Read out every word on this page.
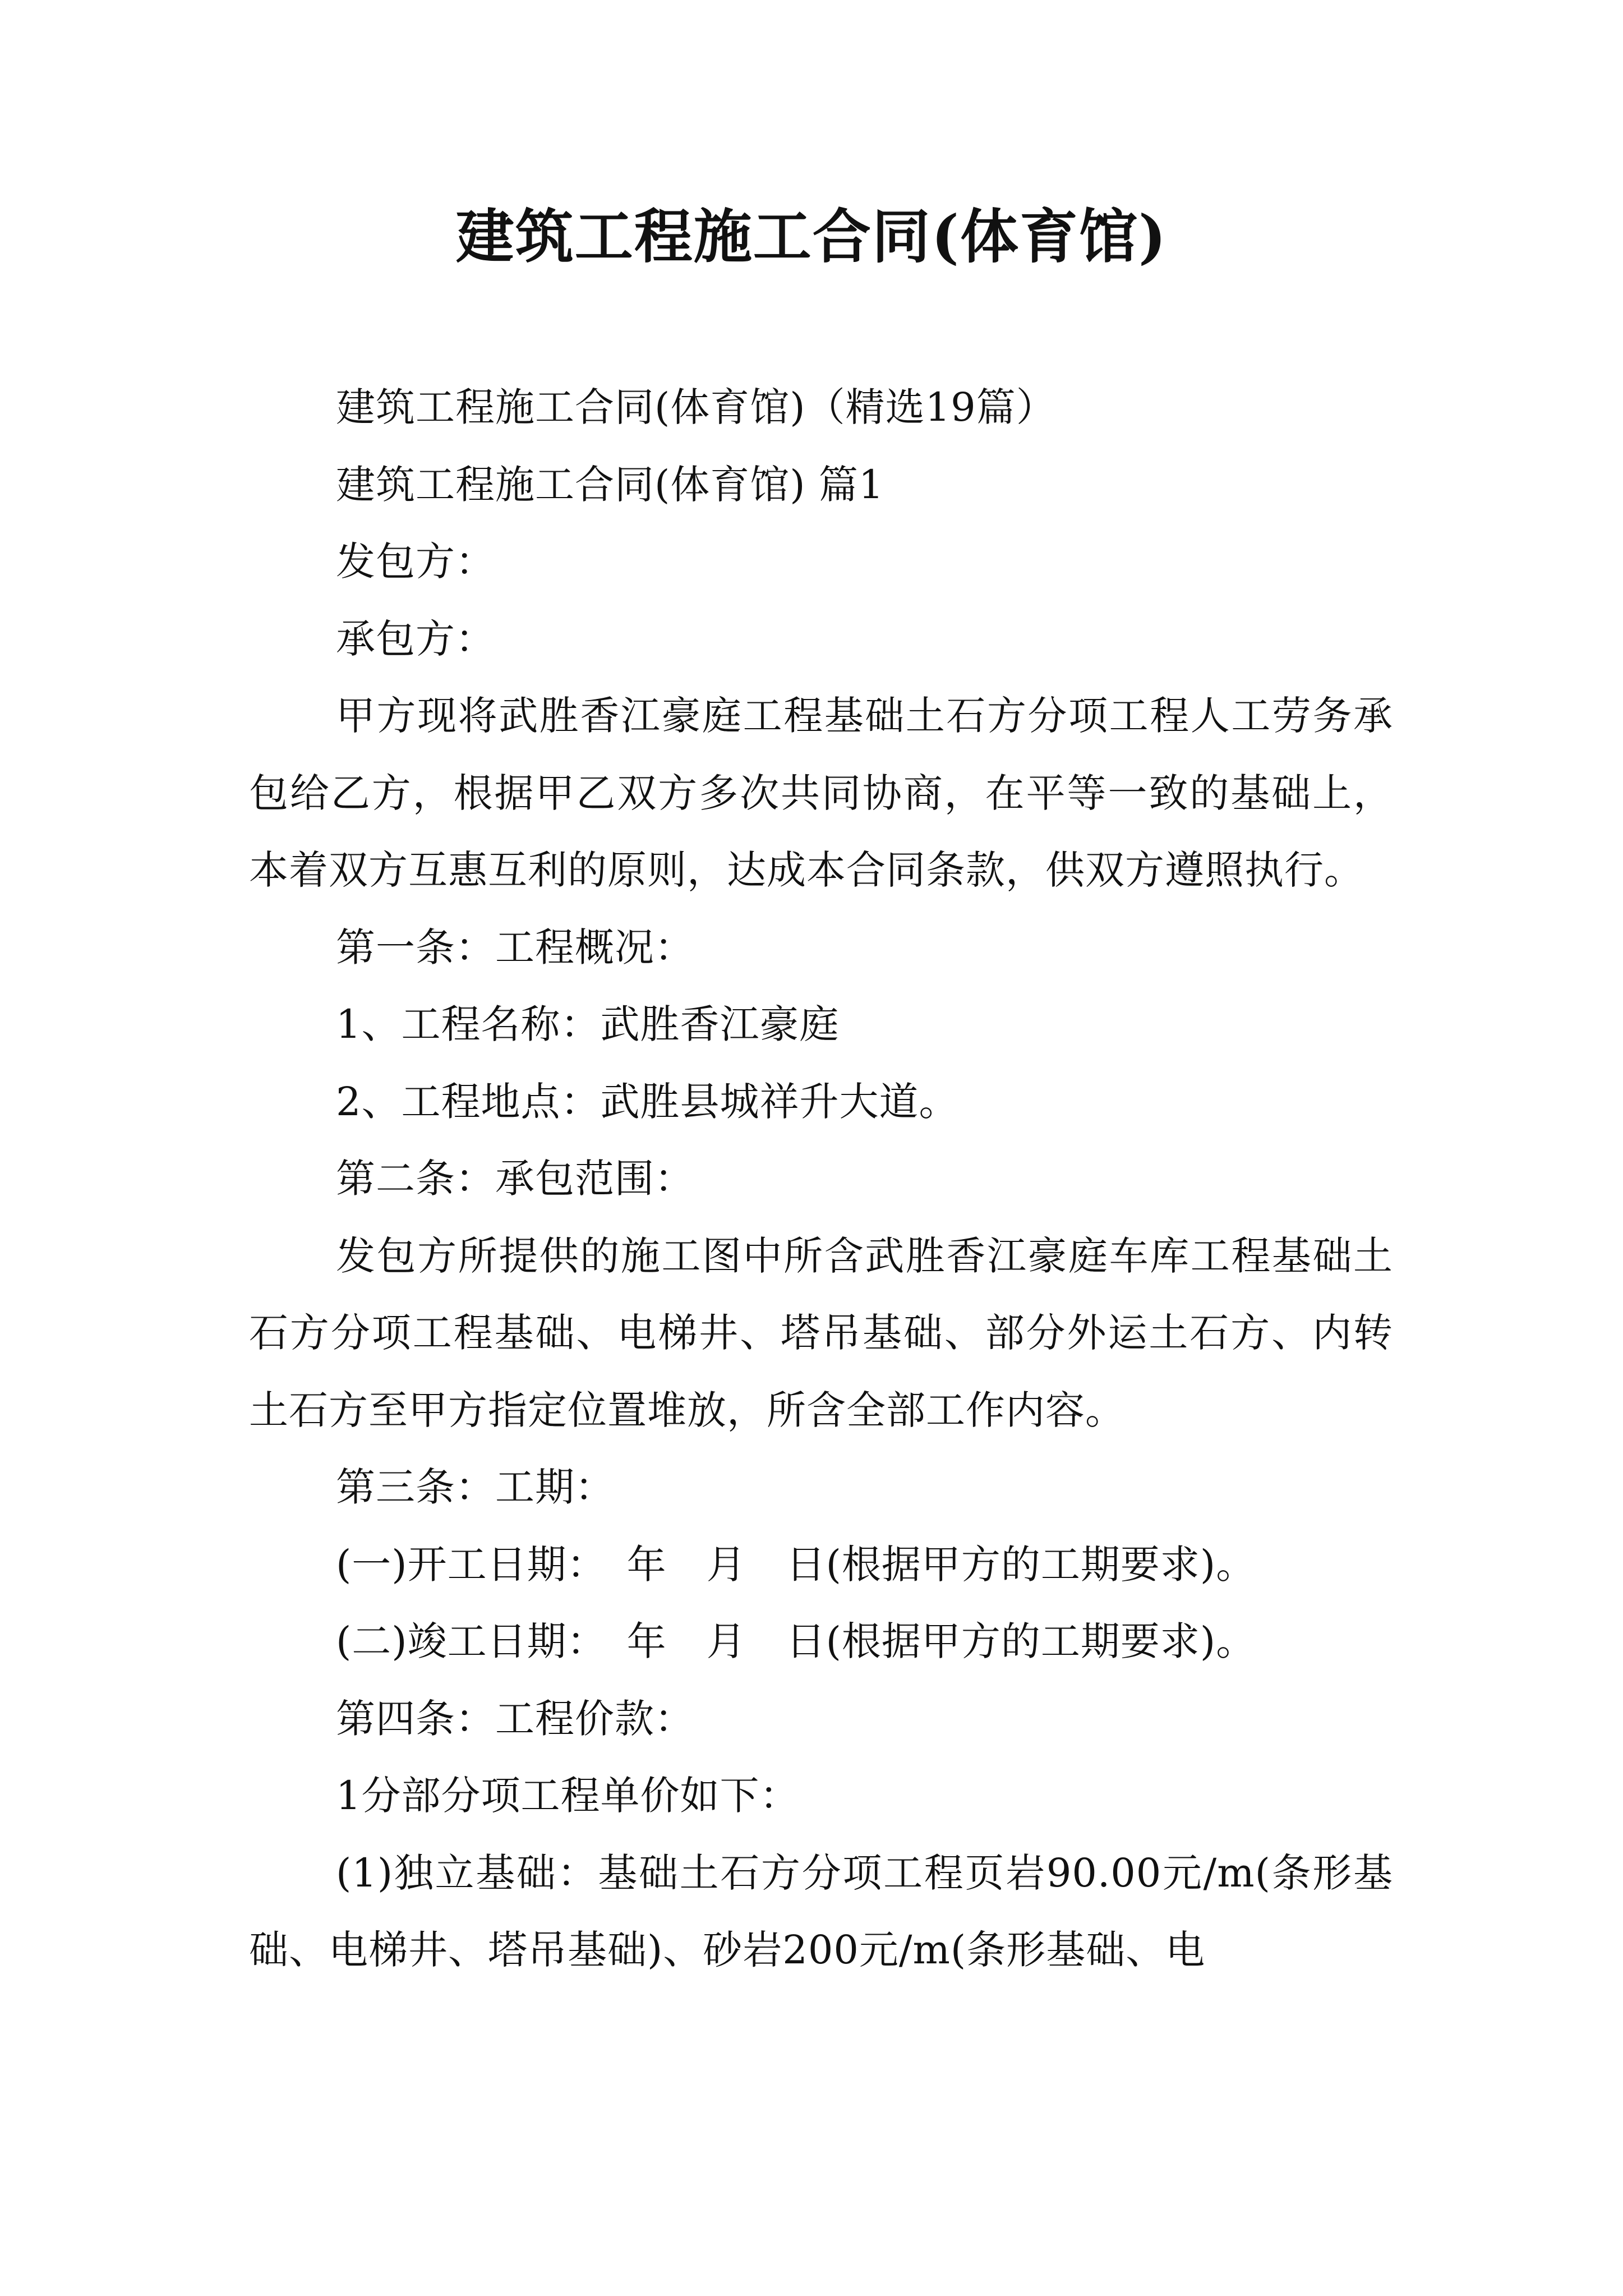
建筑工程施工合同(体育馆)

建筑工程施工合同(体育馆)（精选19篇）

建筑工程施工合同(体育馆) 篇1

发包方：

承包方：

甲方现将武胜香江豪庭工程基础土石方分项工程人工劳务承包给乙方，根据甲乙双方多次共同协商，在平等一致的基础上，本着双方互惠互利的原则，达成本合同条款，供双方遵照执行。

第一条：工程概况：

1、工程名称：武胜香江豪庭

2、工程地点：武胜县城祥升大道。

第二条：承包范围：

发包方所提供的施工图中所含武胜香江豪庭车库工程基础土石方分项工程基础、电梯井、塔吊基础、部分外运土石方、内转土石方至甲方指定位置堆放，所含全部工作内容。

第三条：工期：

(一)开工日期：　年　月　日(根据甲方的工期要求)。

(二)竣工日期：　年　月　日(根据甲方的工期要求)。

第四条：工程价款：

1分部分项工程单价如下：

(1)独立基础：基础土石方分项工程页岩90.00元/m(条形基础、电梯井、塔吊基础)、砂岩200元/m(条形基础、电
